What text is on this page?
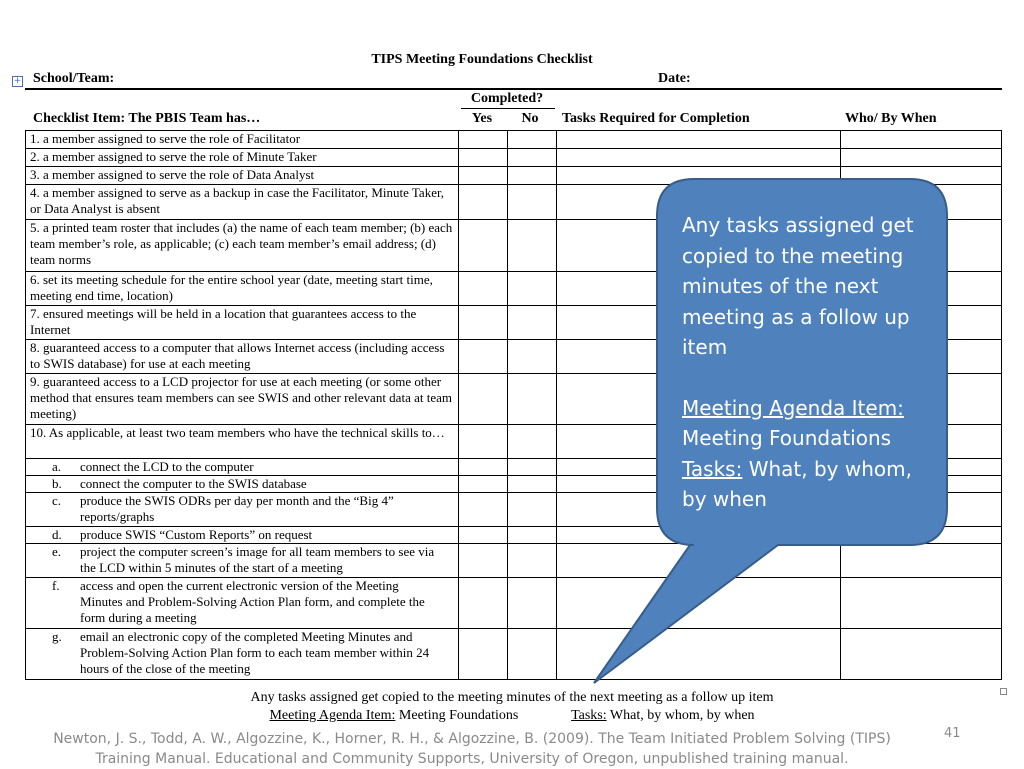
TIPS Meeting Foundations Checklist
+ School/Team:	Date:
Completed?
Checklist Item: The PBIS Team has…	Yes	No	Tasks Required for Completion	Who/ By When
1. a member assigned to serve the role of Facilitator				
2. a member assigned to serve the role of Minute Taker				
3. a member assigned to serve the role of Data Analyst				
4. a member assigned to serve as a backup in case the Facilitator, Minute Taker, or Data Analyst is absent				
5. a printed team roster that includes (a) the name of each team member; (b) each team member’s role, as applicable; (c) each team member’s email address; (d) team norms				
6. set its meeting schedule for the entire school year (date, meeting start time, meeting end time, location)				
7. ensured meetings will be held in a location that guarantees access to the Internet				
8. guaranteed access to a computer that allows Internet access (including access to SWIS database) for use at each meeting				
9. guaranteed access to a LCD projector for use at each meeting (or some other method that ensures team members can see SWIS and other relevant data at team meeting)				
10. As applicable, at least two team members who have the technical skills to…				
a. connect the LCD to the computer				
b. connect the computer to the SWIS database				
c. produce the SWIS ODRs per day per month and the “Big 4” reports/graphs				
d. produce SWIS “Custom Reports” on request				
e. project the computer screen’s image for all team members to see via the LCD within 5 minutes of the start of a meeting				
f. access and open the current electronic version of the Meeting Minutes and Problem-Solving Action Plan form, and complete the form during a meeting				
g. email an electronic copy of the completed Meeting Minutes and Problem-Solving Action Plan form to each team member within 24 hours of the close of the meeting				
Any tasks assigned get copied to the meeting minutes of the next meeting as a follow up item
Meeting Agenda Item:
Meeting Foundations
Tasks: What, by whom, by when
Any tasks assigned get copied to the meeting minutes of the next meeting as a follow up item
Meeting Agenda Item: Meeting Foundations	Tasks: What, by whom, by when
Newton, J. S., Todd, A. W., Algozzine, K., Horner, R. H., & Algozzine, B. (2009). The Team Initiated Problem Solving (TIPS)
Training Manual. Educational and Community Supports, University of Oregon, unpublished training manual.
41
